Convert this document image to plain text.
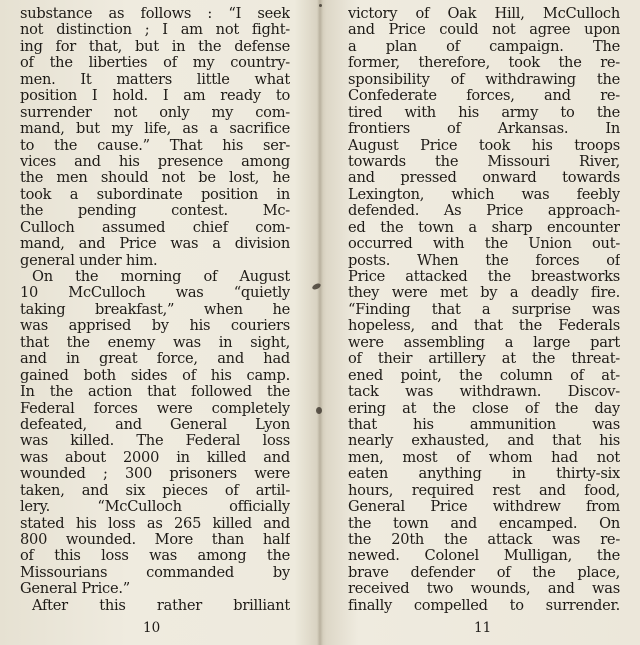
substance as follows : “I seek
not distinction ; I am not fight-
ing for that, but in the defense
of the liberties of my country-
men. It matters little what
position I hold. I am ready to
surrender not only my com-
mand, but my life, as a sacrifice
to the cause.” That his ser-
vices and his presence among
the men should not be lost, he
took a subordinate position in
the pending contest. Mc-
Culloch assumed chief com-
mand, and Price was a division
general under him.
On the morning of August
10 McCulloch was “quietly
taking breakfast,” when he
was apprised by his couriers
that the enemy was in sight,
and in great force, and had
gained both sides of his camp.
In the action that followed the
Federal forces were completely
defeated, and General Lyon
was killed. The Federal loss
was about 2000 in killed and
wounded ; 300 prisoners were
taken, and six pieces of artil-
lery. “McCulloch officially
stated his loss as 265 killed and
800 wounded. More than half
of this loss was among the
Missourians commanded by
General Price.”
After this rather brilliant
10
victory of Oak Hill, McCulloch
and Price could not agree upon
a plan of campaign. The
former, therefore, took the re-
sponsibility of withdrawing the
Confederate forces, and re-
tired with his army to the
frontiers of Arkansas. In
August Price took his troops
towards the Missouri River,
and pressed onward towards
Lexington, which was feebly
defended. As Price approach-
ed the town a sharp encounter
occurred with the Union out-
posts. When the forces of
Price attacked the breastworks
they were met by a deadly fire.
“Finding that a surprise was
hopeless, and that the Federals
were assembling a large part
of their artillery at the threat-
ened point, the column of at-
tack was withdrawn. Discov-
ering at the close of the day
that his ammunition was
nearly exhausted, and that his
men, most of whom had not
eaten anything in thirty-six
hours, required rest and food,
General Price withdrew from
the town and encamped. On
the 20th the attack was re-
newed. Colonel Mulligan, the
brave defender of the place,
received two wounds, and was
finally compelled to surrender.
11
